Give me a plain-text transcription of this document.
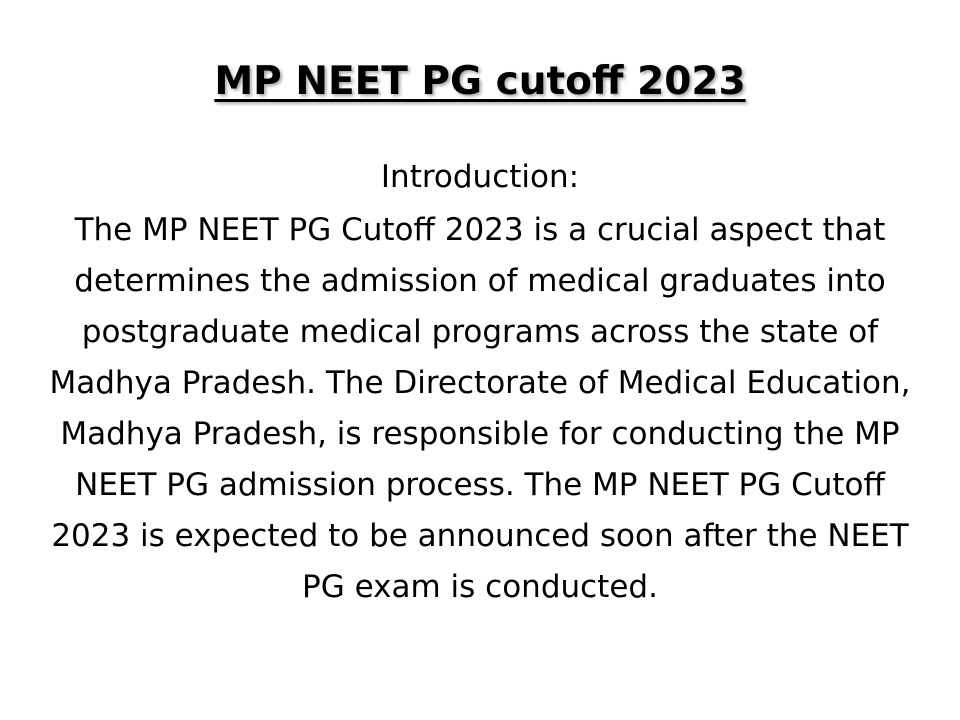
MP NEET PG cutoff 2023
Introduction:
The MP NEET PG Cutoff 2023 is a crucial aspect that determines the admission of medical graduates into postgraduate medical programs across the state of Madhya Pradesh. The Directorate of Medical Education, Madhya Pradesh, is responsible for conducting the MP NEET PG admission process. The MP NEET PG Cutoff 2023 is expected to be announced soon after the NEET PG exam is conducted.
